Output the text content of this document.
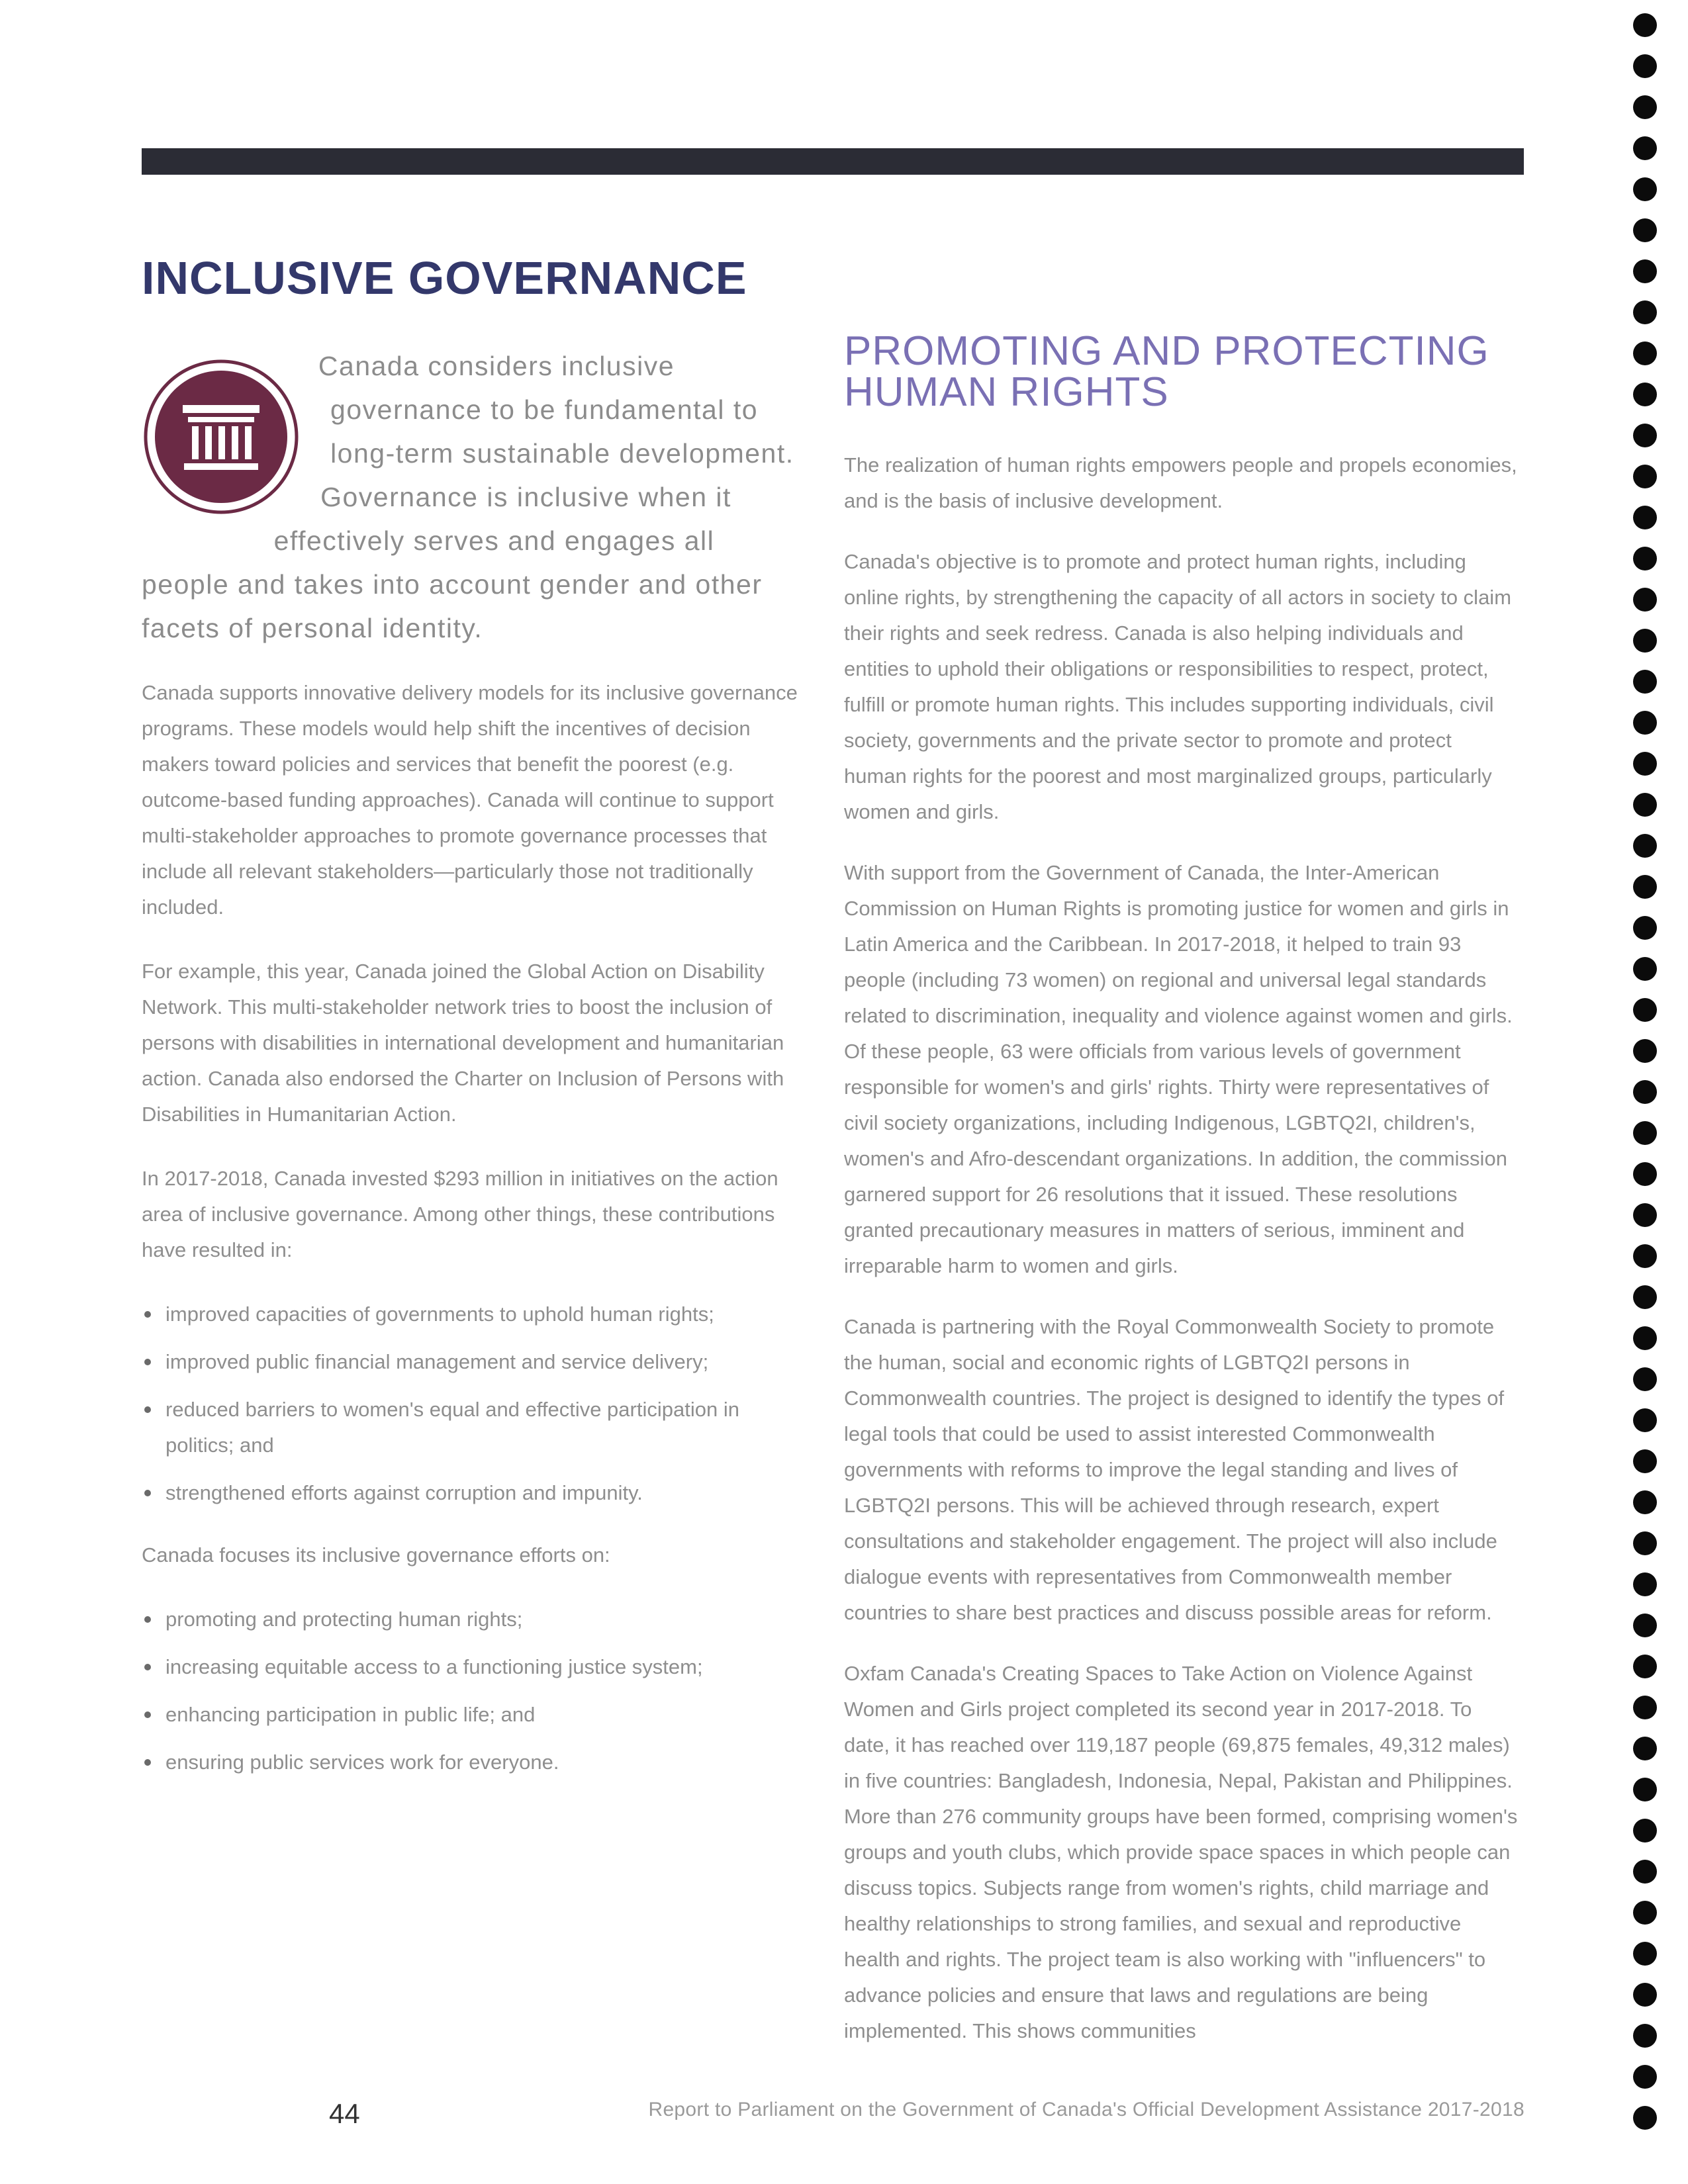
INCLUSIVE GOVERNANCE

Canada considers inclusive governance to be fundamental to long-term sustainable development. Governance is inclusive when it effectively serves and engages all people and takes into account gender and other facets of personal identity.

Canada supports innovative delivery models for its inclusive governance programs. These models would help shift the incentives of decision makers toward policies and services that benefit the poorest (e.g. outcome-based funding approaches). Canada will continue to support multi-stakeholder approaches to promote governance processes that include all relevant stakeholders—particularly those not traditionally included.

For example, this year, Canada joined the Global Action on Disability Network. This multi-stakeholder network tries to boost the inclusion of persons with disabilities in international development and humanitarian action. Canada also endorsed the Charter on Inclusion of Persons with Disabilities in Humanitarian Action.

In 2017-2018, Canada invested $293 million in initiatives on the action area of inclusive governance. Among other things, these contributions have resulted in:

improved capacities of governments to uphold human rights;
improved public financial management and service delivery;
reduced barriers to women's equal and effective participation in politics; and
strengthened efforts against corruption and impunity.

Canada focuses its inclusive governance efforts on:

promoting and protecting human rights;
increasing equitable access to a functioning justice system;
enhancing participation in public life; and
ensuring public services work for everyone.
PROMOTING AND PROTECTING HUMAN RIGHTS

The realization of human rights empowers people and propels economies, and is the basis of inclusive development.

Canada's objective is to promote and protect human rights, including online rights, by strengthening the capacity of all actors in society to claim their rights and seek redress. Canada is also helping individuals and entities to uphold their obligations or responsibilities to respect, protect, fulfill or promote human rights. This includes supporting individuals, civil society, governments and the private sector to promote and protect human rights for the poorest and most marginalized groups, particularly women and girls.

With support from the Government of Canada, the Inter-American Commission on Human Rights is promoting justice for women and girls in Latin America and the Caribbean. In 2017-2018, it helped to train 93 people (including 73 women) on regional and universal legal standards related to discrimination, inequality and violence against women and girls. Of these people, 63 were officials from various levels of government responsible for women's and girls' rights. Thirty were representatives of civil society organizations, including Indigenous, LGBTQ2I, children's, women's and Afro-descendant organizations. In addition, the commission garnered support for 26 resolutions that it issued. These resolutions granted precautionary measures in matters of serious, imminent and irreparable harm to women and girls.

Canada is partnering with the Royal Commonwealth Society to promote the human, social and economic rights of LGBTQ2I persons in Commonwealth countries. The project is designed to identify the types of legal tools that could be used to assist interested Commonwealth governments with reforms to improve the legal standing and lives of LGBTQ2I persons. This will be achieved through research, expert consultations and stakeholder engagement. The project will also include dialogue events with representatives from Commonwealth member countries to share best practices and discuss possible areas for reform.

Oxfam Canada's Creating Spaces to Take Action on Violence Against Women and Girls project completed its second year in 2017-2018. To date, it has reached over 119,187 people (69,875 females, 49,312 males) in five countries: Bangladesh, Indonesia, Nepal, Pakistan and Philippines. More than 276 community groups have been formed, comprising women's groups and youth clubs, which provide space spaces in which people can discuss topics. Subjects range from women's rights, child marriage and healthy relationships to strong families, and sexual and reproductive health and rights. The project team is also working with "influencers" to advance policies and ensure that laws and regulations are being implemented. This shows communities

44	Report to Parliament on the Government of Canada's Official Development Assistance 2017-2018
